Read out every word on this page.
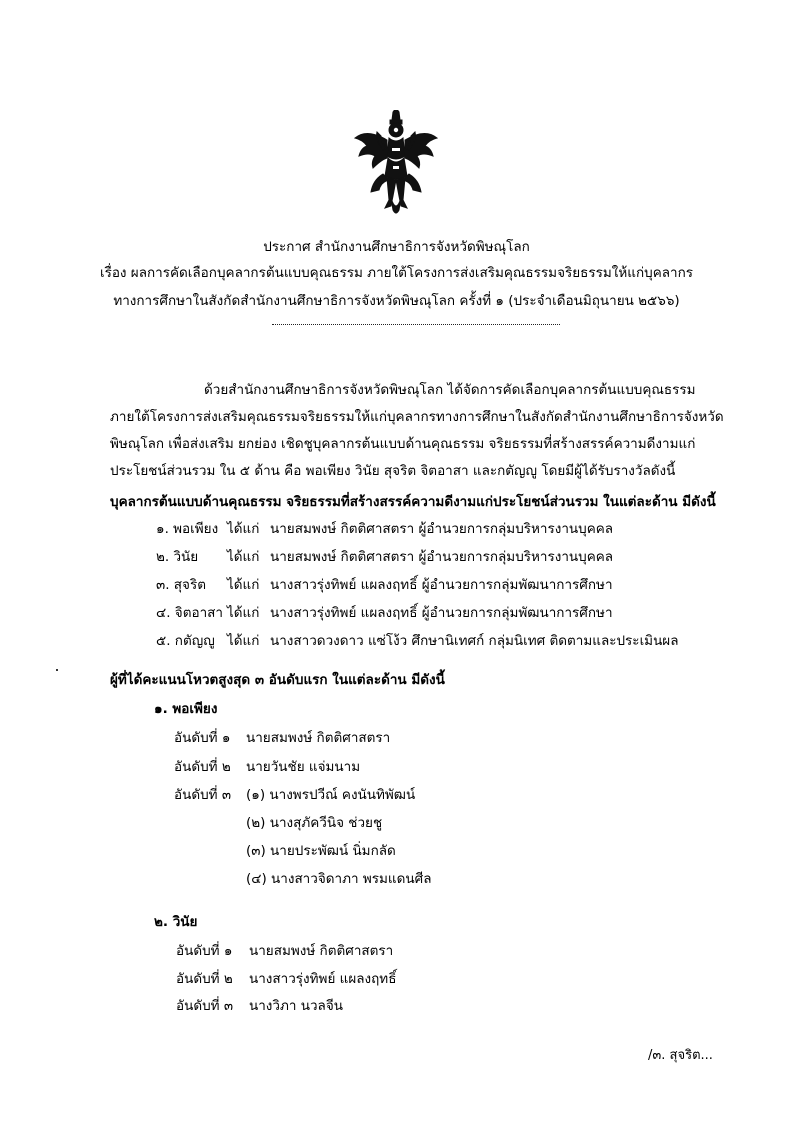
ประกาศ สำนักงานศึกษาธิการจังหวัดพิษณุโลก
เรื่อง ผลการคัดเลือกบุคลากรต้นแบบคุณธรรม ภายใต้โครงการส่งเสริมคุณธรรมจริยธรรมให้แก่บุคลากร
ทางการศึกษาในสังกัดสำนักงานศึกษาธิการจังหวัดพิษณุโลก ครั้งที่ ๑ (ประจำเดือนมิถุนายน ๒๕๖๖)
ด้วยสำนักงานศึกษาธิการจังหวัดพิษณุโลก ได้จัดการคัดเลือกบุคลากรต้นแบบคุณธรรม
ภายใต้โครงการส่งเสริมคุณธรรมจริยธรรมให้แก่บุคลากรทางการศึกษาในสังกัดสำนักงานศึกษาธิการจังหวัด
พิษณุโลก เพื่อส่งเสริม ยกย่อง เชิดชูบุคลากรต้นแบบด้านคุณธรรม จริยธรรมที่สร้างสรรค์ความดีงามแก่
ประโยชน์ส่วนรวม ใน ๕ ด้าน คือ พอเพียง วินัย สุจริต จิตอาสา และกตัญญู โดยมีผู้ได้รับรางวัลดังนี้
บุคลากรต้นแบบด้านคุณธรรม จริยธรรมที่สร้างสรรค์ความดีงามแก่ประโยชน์ส่วนรวม ในแต่ละด้าน มีดังนี้
๑. พอเพียง ได้แก่ นายสมพงษ์ กิตติศาสตรา ผู้อำนวยการกลุ่มบริหารงานบุคคล
๒. วินัย ได้แก่ นายสมพงษ์ กิตติศาสตรา ผู้อำนวยการกลุ่มบริหารงานบุคคล
๓. สุจริต ได้แก่ นางสาวรุ่งทิพย์ แผลงฤทธิ์ ผู้อำนวยการกลุ่มพัฒนาการศึกษา
๔. จิตอาสา ได้แก่ นางสาวรุ่งทิพย์ แผลงฤทธิ์ ผู้อำนวยการกลุ่มพัฒนาการศึกษา
๕. กตัญญู ได้แก่ นางสาวดวงดาว แซ่โง้ว ศึกษานิเทศก์ กลุ่มนิเทศ ติดตามและประเมินผล
ผู้ที่ได้คะแนนโหวตสูงสุด ๓ อันดับแรก ในแต่ละด้าน มีดังนี้
๑. พอเพียง
อันดับที่ ๑ นายสมพงษ์ กิตติศาสตรา
อันดับที่ ๒ นายวันชัย แจ่มนาม
อันดับที่ ๓ (๑) นางพรปวีณ์ คงนันทิพัฒน์
(๒) นางสุภัควีนิจ ช่วยชู
(๓) นายประพัฒน์ นิ่มกลัด
(๔) นางสาวจิดาภา พรมแดนศีล
๒. วินัย
อันดับที่ ๑ นายสมพงษ์ กิตติศาสตรา
อันดับที่ ๒ นางสาวรุ่งทิพย์ แผลงฤทธิ์
อันดับที่ ๓ นางวิภา นวลจีน
/๓. สุจริต...
